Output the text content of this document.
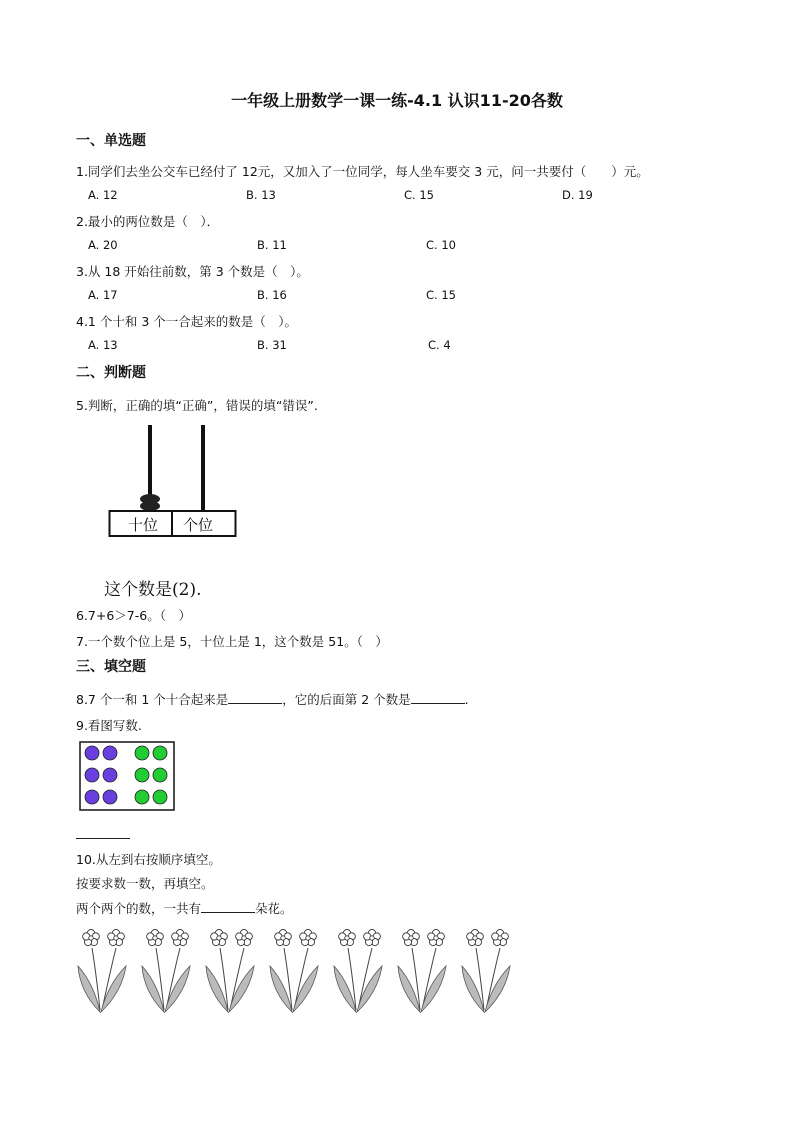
一年级上册数学一课一练-4.1 认识11-20各数
一、单选题
1.同学们去坐公交车已经付了 12元，又加入了一位同学，每人坐车要交 3 元，问一共要付（　　）元。
A. 12	B. 13	C. 15	D. 19
2.最小的两位数是（　）．
A. 20	B. 11	C. 10
3.从 18 开始往前数，第 3 个数是（　）。
A. 17	B. 16	C. 15
4.1 个十和 3 个一合起来的数是（　）。
A. 13	B. 31	C. 4
二、判断题
5.判断，正确的填“正确”，错误的填“错误”.
十位 个位
这个数是(2).
6.7+6＞7-6。（　）
7.一个数个位上是 5，十位上是 1，这个数是 51。（　）
三、填空题
8.7 个一和 1 个十合起来是	，它的后面第 2 个数是	.
9.看图写数.
10.从左到右按顺序填空。
按要求数一数，再填空。
两个两个的数，一共有	朵花。
